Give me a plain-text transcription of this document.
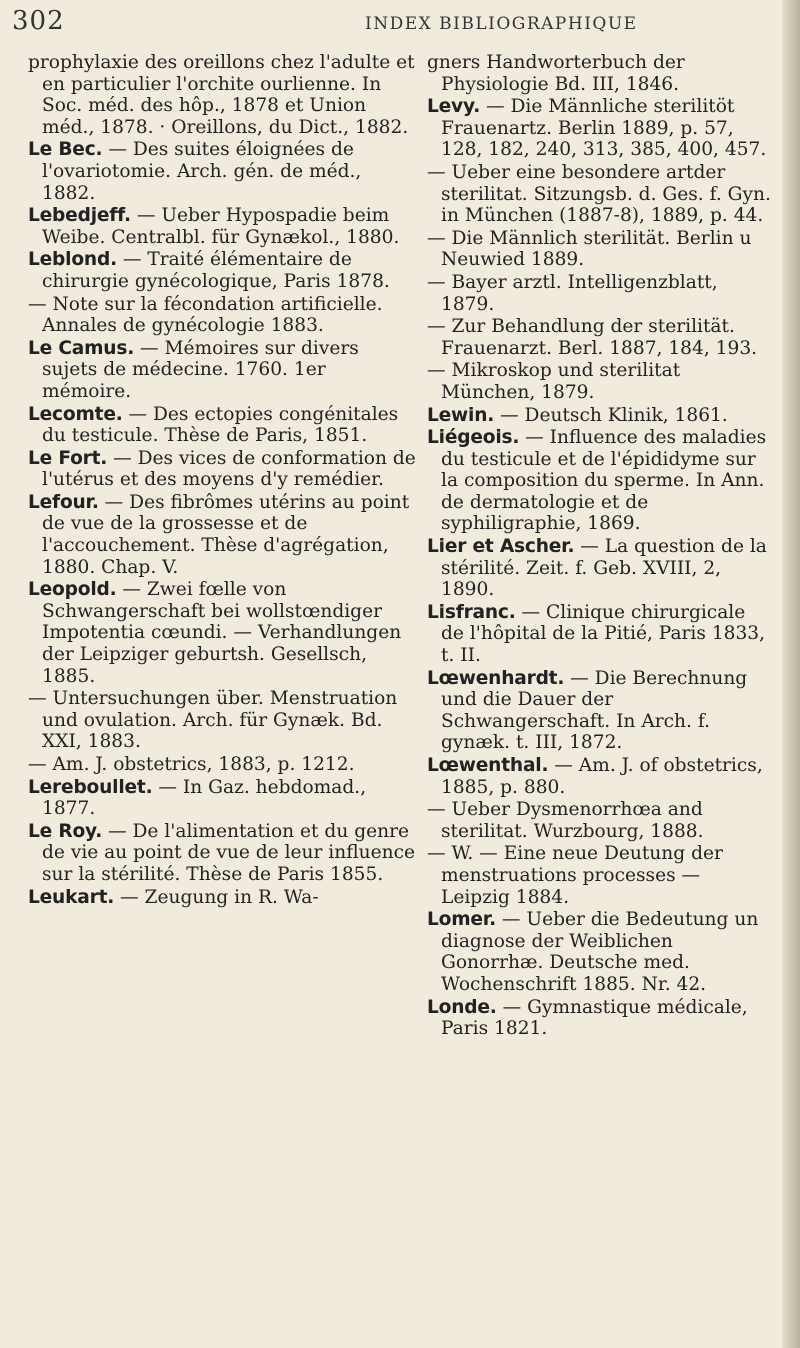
302	INDEX BIBLIOGRAPHIQUE

prophylaxie des oreillons chez l'adulte et en particulier l'orchite ourlienne. In Soc. méd. des hôp., 1878 et Union méd., 1878. · Oreillons, du Dict., 1882.

Le Bec. — Des suites éloignées de l'ovariotomie. Arch. gén. de méd., 1882.

Lebedjeff. — Ueber Hypospadie beim Weibe. Centralbl. für Gynækol., 1880.

Leblond. — Traité élémentaire de chirurgie gynécologique, Paris 1878.

— Note sur la fécondation artificielle. Annales de gynécologie 1883.

Le Camus. — Mémoires sur divers sujets de médecine. 1760. 1er mémoire.

Lecomte. — Des ectopies congénitales du testicule. Thèse de Paris, 1851.

Le Fort. — Des vices de conformation de l'utérus et des moyens d'y remédier.

Lefour. — Des fibrômes utérins au point de vue de la grossesse et de l'accouchement. Thèse d'agrégation, 1880. Chap. V.

Leopold. — Zwei fœlle von Schwangerschaft bei wollstœndiger Impotentia cœundi. — Verhandlungen der Leipziger geburtsh. Gesellsch, 1885.

— Untersuchungen über. Menstruation und ovulation. Arch. für Gynæk. Bd. XXI, 1883.

— Am. J. obstetrics, 1883, p. 1212.

Lereboullet. — In Gaz. hebdomad., 1877.

Le Roy. — De l'alimentation et du genre de vie au point de vue de leur influence sur la stérilité. Thèse de Paris 1855.

Leukart. — Zeugung in R. Wa-

gners Handworterbuch der Physiologie Bd. III, 1846.

Levy. — Die Männliche sterilitöt Frauenartz. Berlin 1889, p. 57, 128, 182, 240, 313, 385, 400, 457.

— Ueber eine besondere artder sterilitat. Sitzungsb. d. Ges. f. Gyn. in München (1887-8), 1889, p. 44.

— Die Männlich sterilität. Berlin u Neuwied 1889.

— Bayer arztl. Intelligenzblatt, 1879.

— Zur Behandlung der sterilität. Frauenarzt. Berl. 1887, 184, 193.

— Mikroskop und sterilitat München, 1879.

Lewin. — Deutsch Klinik, 1861.

Liégeois. — Influence des maladies du testicule et de l'épididyme sur la composition du sperme. In Ann. de dermatologie et de syphiligraphie, 1869.

Lier et Ascher. — La question de la stérilité. Zeit. f. Geb. XVIII, 2, 1890.

Lisfranc. — Clinique chirurgicale de l'hôpital de la Pitié, Paris 1833, t. II.

Lœwenhardt. — Die Berechnung und die Dauer der Schwangerschaft. In Arch. f. gynæk. t. III, 1872.

Lœwenthal. — Am. J. of obstetrics, 1885, p. 880.

— Ueber Dysmenorrhœa and sterilitat. Wurzbourg, 1888.

— W. — Eine neue Deutung der menstruations processes — Leipzig 1884.

Lomer. — Ueber die Bedeutung un diagnose der Weiblichen Gonorrhæ. Deutsche med. Wochenschrift 1885. Nr. 42.

Londe. — Gymnastique médicale, Paris 1821.
